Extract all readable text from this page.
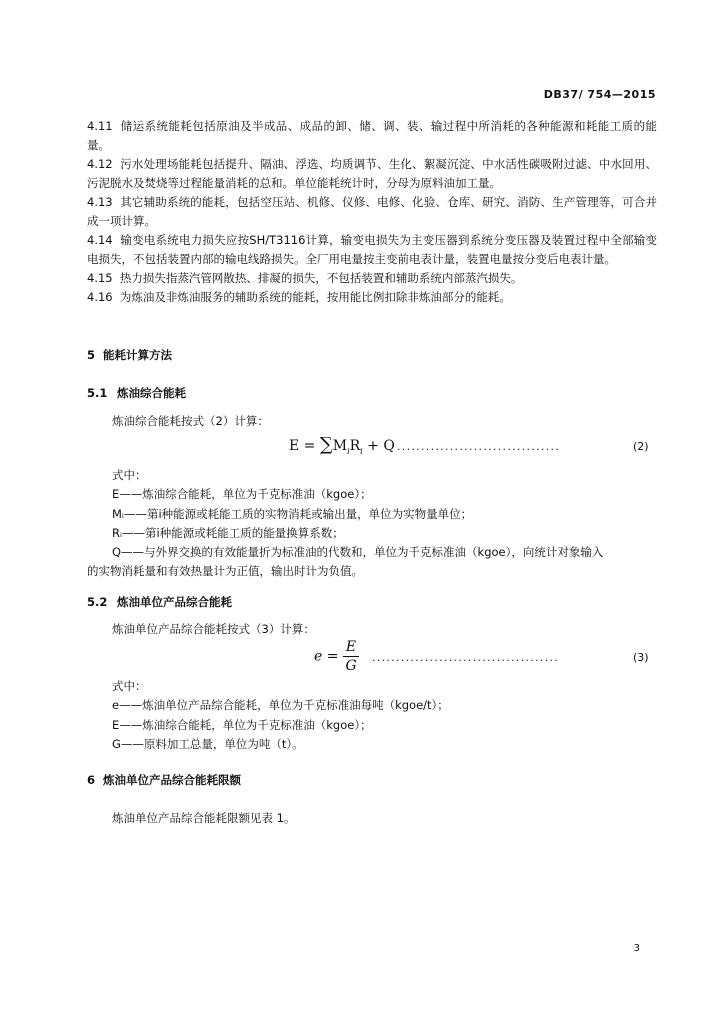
DB37/ 754—2015

4.11 储运系统能耗包括原油及半成品、成品的卸、储、调、装、输过程中所消耗的各种能源和耗能工质的能量。

4.12 污水处理场能耗包括提升、隔油、浮选、均质调节、生化、絮凝沉淀、中水活性碳吸附过滤、中水回用、污泥脱水及焚烧等过程能量消耗的总和。单位能耗统计时，分母为原料油加工量。

4.13 其它辅助系统的能耗，包括空压站、机修、仪修、电修、化验、仓库、研究、消防、生产管理等，可合并成一项计算。

4.14 输变电系统电力损失应按SH/T3116计算，输变电损失为主变压器到系统分变压器及装置过程中全部输变电损失，不包括装置内部的输电线路损失。全厂用电量按主变前电表计量，装置电量按分变后电表计量。

4.15 热力损失指蒸汽管网散热、排凝的损失，不包括装置和辅助系统内部蒸汽损失。

4.16 为炼油及非炼油服务的辅助系统的能耗，按用能比例扣除非炼油部分的能耗。

5 能耗计算方法
5.1 炼油综合能耗
炼油综合能耗按式（2）计算：
$E = \sum M_iR_i + Q$ ..................................	(2)

式中：

E——炼油综合能耗，单位为千克标准油（kgoe）；

Mᵢ——第i种能源或耗能工质的实物消耗或输出量，单位为实物量单位；

Rᵢ——第i种能源或耗能工质的能量换算系数；

Q——与外界交换的有效能量折为标准油的代数和，单位为千克标准油（kgoe），向统计对象输入

的实物消耗量和有效热量计为正值，输出时计为负值。

5.2 炼油单位产品综合能耗
炼油单位产品综合能耗按式（3）计算：
$e = \frac{E}{G}$ .......................................	(3)

式中：

e——炼油单位产品综合能耗，单位为千克标准油每吨（kgoe/t）；

E——炼油综合能耗，单位为千克标准油（kgoe）；

G——原料加工总量，单位为吨（t）。

6 炼油单位产品综合能耗限额
炼油单位产品综合能耗限额见表 1。
3
